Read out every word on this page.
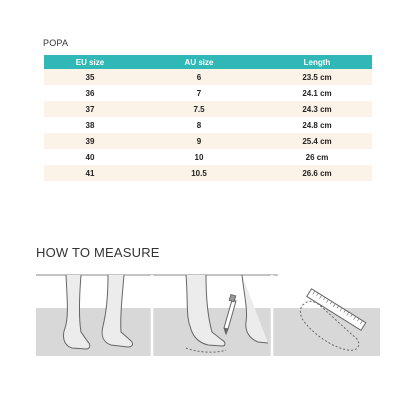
POPA
EU size	AU size	Length
35	6	23.5 cm
36	7	24.1 cm
37	7.5	24.3 cm
38	8	24.8 cm
39	9	25.4 cm
40	10	26 cm
41	10.5	26.6 cm
HOW TO MEASURE
